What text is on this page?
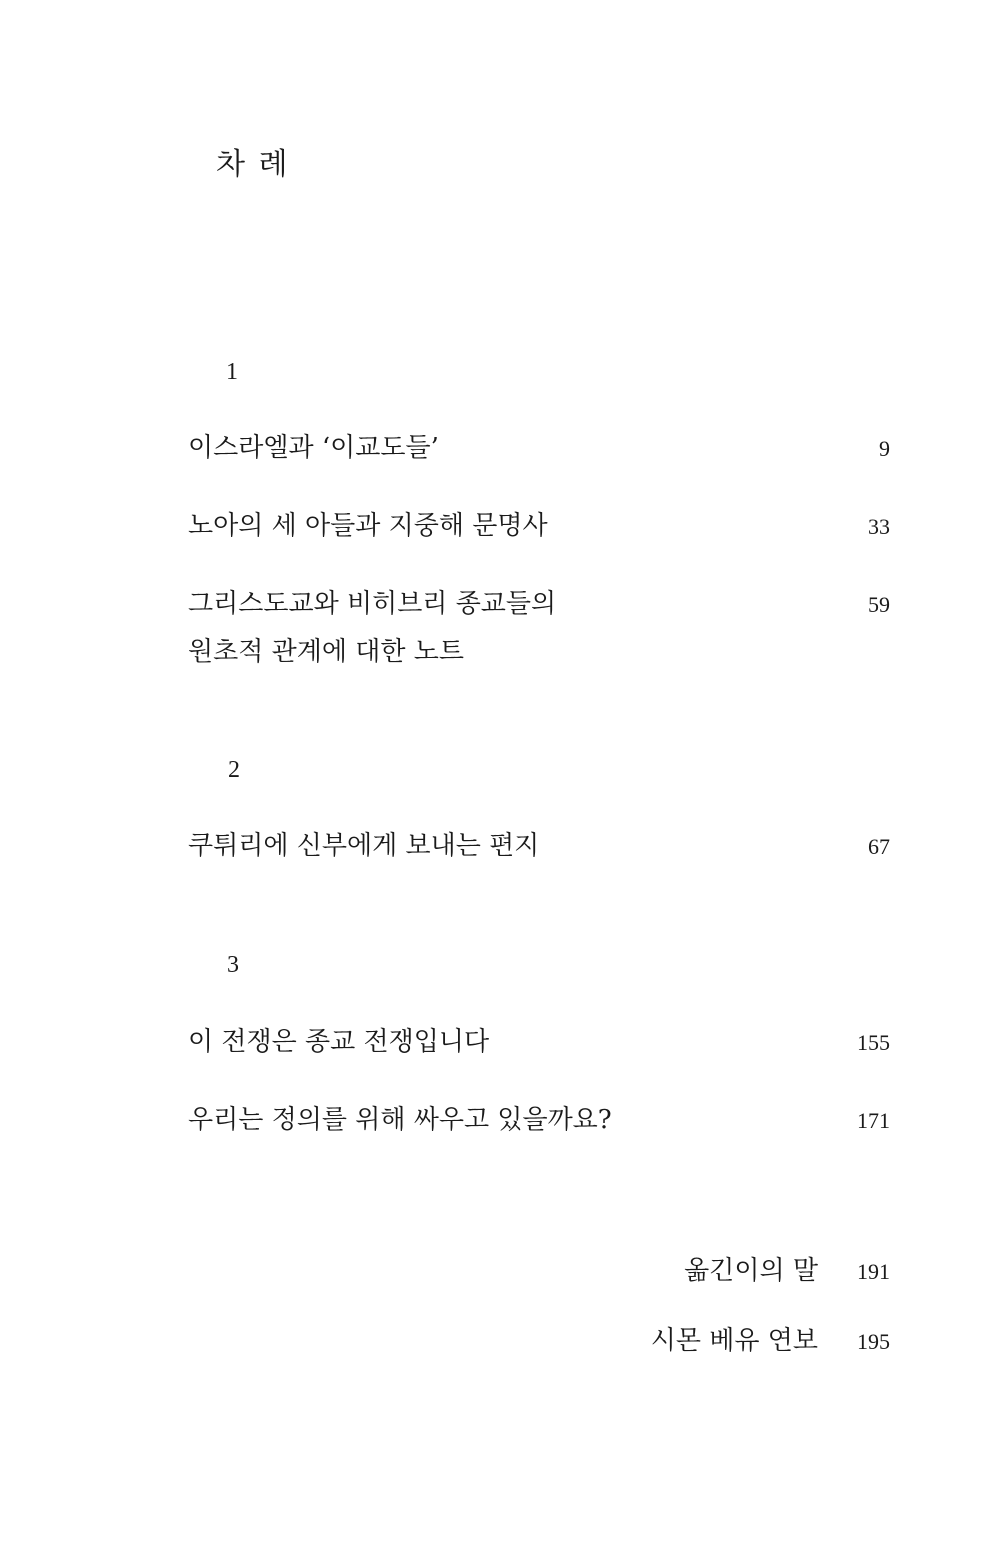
차 례
1
이스라엘과 ‘이교도들’	9
노아의 세 아들과 지중해 문명사	33
그리스도교와 비히브리 종교들의
원초적 관계에 대한 노트
59
2
쿠튀리에 신부에게 보내는 편지	67
3
이 전쟁은 종교 전쟁입니다	155
우리는 정의를 위해 싸우고 있을까요?	171
옮긴이의 말 191
시몬 베유 연보 195
